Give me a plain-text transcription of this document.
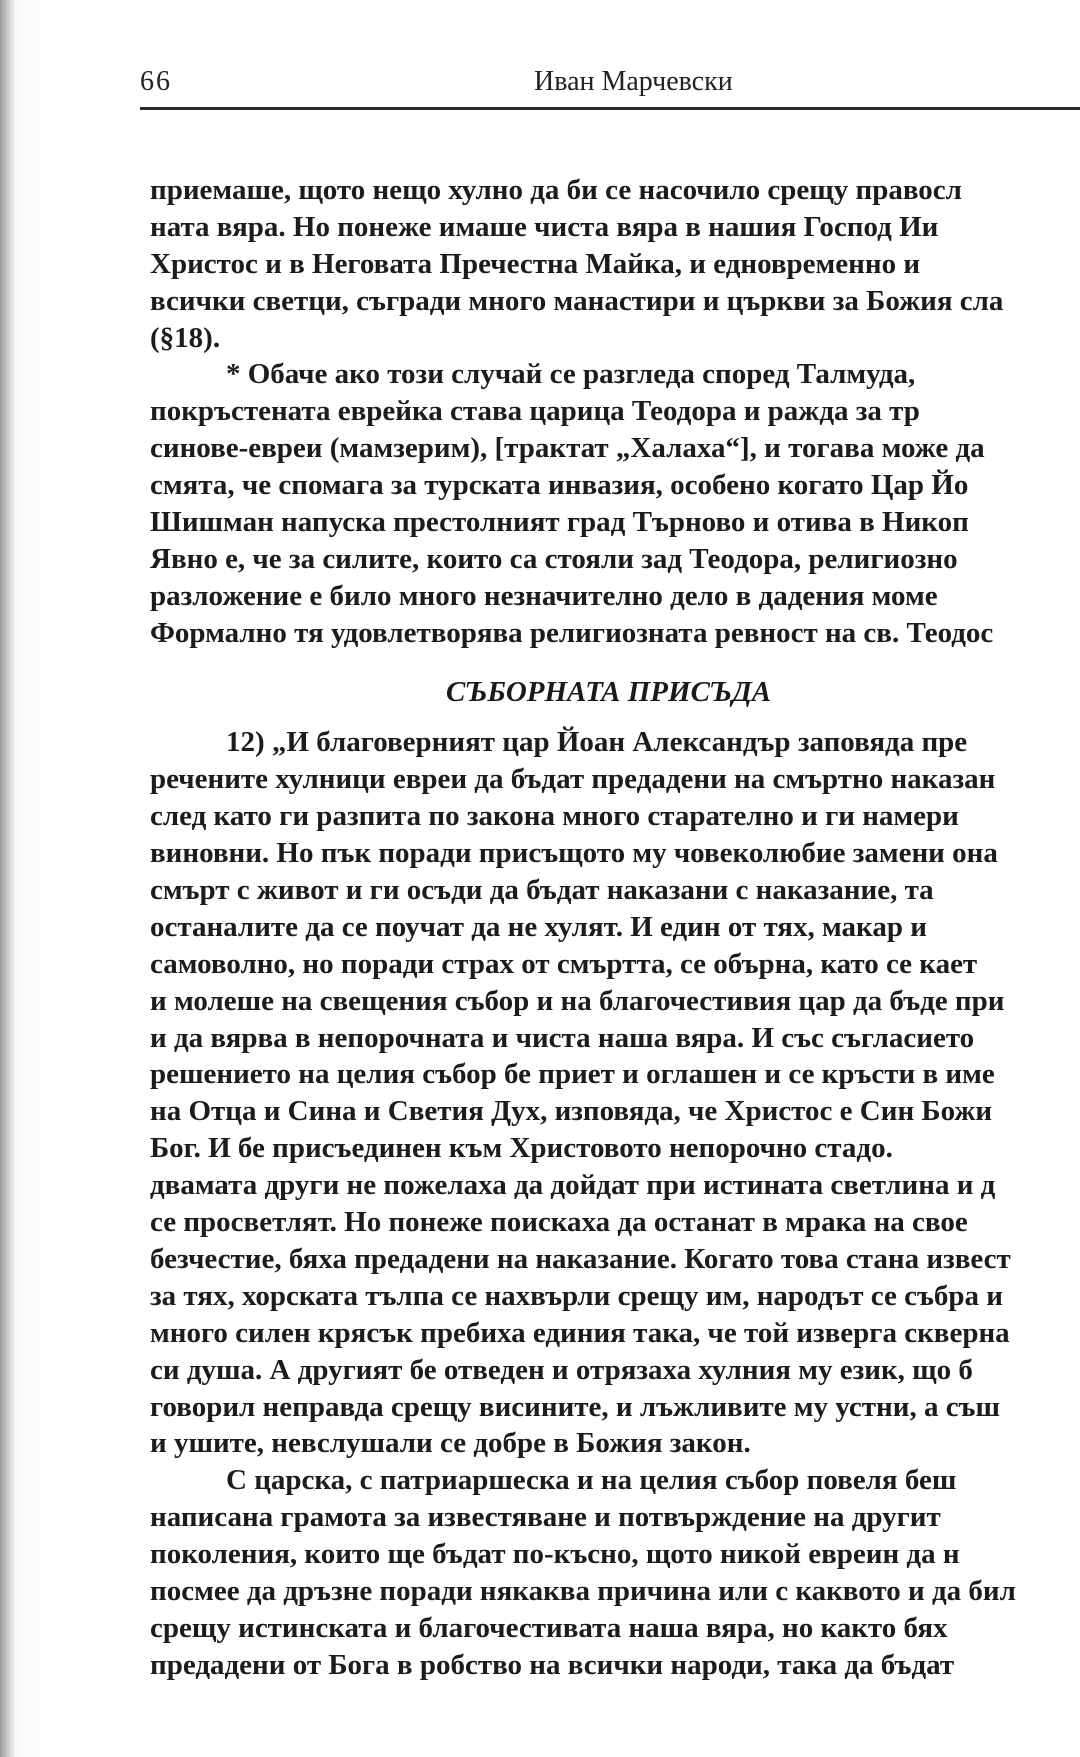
66	Иван Марчевски
приемаше, щото нещо хулно да би се насочило срещу правосл
ната вяра. Но понеже имаше чиста вяра в нашия Господ Ии
Христос и в Неговата Пречестна Майка, и едновременно и
всички светци, съгради много манастири и църкви за Божия сла
(§18).
* Обаче ако този случай се разгледа според Талмуда,
покръстената еврейка става царица Теодора и ражда за тр
синове-евреи (мамзерим), [трактат „Халаха“], и тогава може да
смята, че спомага за турската инвазия, особено когато Цар Йо
Шишман напуска престолният град Търново и отива в Никоп
Явно е, че за силите, които са стояли зад Теодора, религиозно
разложение е било много незначително дело в дадения моме
Формално тя удовлетворява религиозната ревност на св. Теодос
СЪБОРНАТА ПРИСЪДА
12) „И благоверният цар Йоан Александър заповяда пре
речените хулници евреи да бъдат предадени на смъртно наказан
след като ги разпита по закона много старателно и ги намери
виновни. Но пък поради присъщото му човеколюбие замени она
смърт с живот и ги осъди да бъдат наказани с наказание, та
останалите да се поучат да не хулят. И един от тях, макар и
самоволно, но поради страх от смъртта, се обърна, като се кает
и молеше на свещения събор и на благочестивия цар да бъде при
и да вярва в непорочната и чиста наша вяра. И със съгласието
решението на целия събор бе приет и оглашен и се кръсти в име
на Отца и Сина и Светия Дух, изповяда, че Христос е Син Божи
Бог. И бе присъединен към Христовото непорочно стадо.
двамата други не пожелаха да дойдат при истината светлина и д
се просветлят. Но понеже поискаха да останат в мрака на свое
безчестие, бяха предадени на наказание. Когато това стана извест
за тях, хорската тълпа се нахвърли срещу им, народът се събра и
много силен крясък пребиха единия така, че той изверга скверна
си душа. А другият бе отведен и отрязаха хулния му език, що б
говорил неправда срещу висините, и лъжливите му устни, а съш
и ушите, невслушали се добре в Божия закон.
С царска, с патриаршеска и на целия събор повеля беш
написана грамота за известяване и потвърждение на другит
поколения, които ще бъдат по-късно, щото никой евреин да н
посмее да дръзне поради някаква причина или с каквото и да бил
срещу истинската и благочестивата наша вяра, но както бях
предадени от Бога в робство на всички народи, така да бъдат
